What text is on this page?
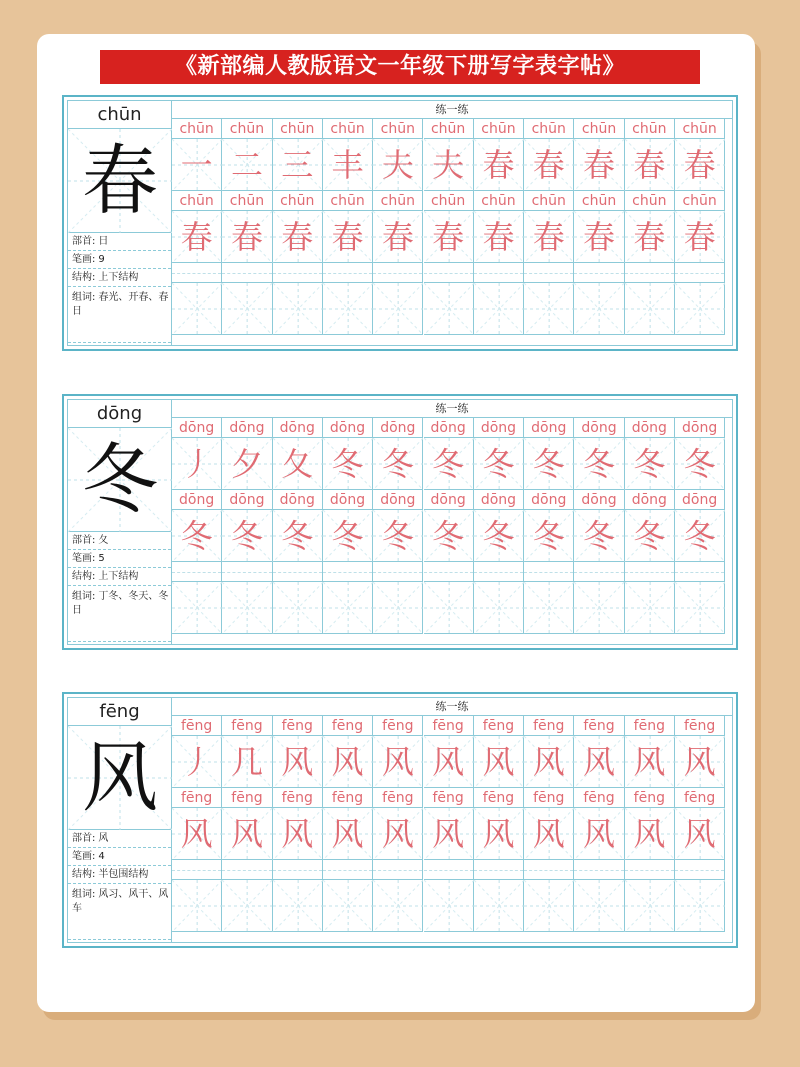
《新部编人教版语文一年级下册写字表字帖》
chūn
春
部首: 日
笔画: 9
结构: 上下结构
组词: 春光、开春、春日
练一练
chūn	chūn	chūn	chūn	chūn	chūn	chūn	chūn	chūn	chūn	chūn
一 二 三 丰 夫 夫 春 春 春 春 春
chūn	chūn	chūn	chūn	chūn	chūn	chūn	chūn	chūn	chūn	chūn
春 春 春 春 春 春 春 春 春 春 春
dōng
冬
部首: 夂
笔画: 5
结构: 上下结构
组词: 丁冬、冬天、冬日
练一练
dōng	dōng	dōng	dōng	dōng	dōng	dōng	dōng	dōng	dōng	dōng
丿 夕 夂 冬 冬 冬 冬 冬 冬 冬 冬
dōng	dōng	dōng	dōng	dōng	dōng	dōng	dōng	dōng	dōng	dōng
冬 冬 冬 冬 冬 冬 冬 冬 冬 冬 冬
fēng
风
部首: 风
笔画: 4
结构: 半包围结构
组词: 风习、风干、风车
练一练
fēng	fēng	fēng	fēng	fēng	fēng	fēng	fēng	fēng	fēng	fēng
丿 几 风 风 风 风 风 风 风 风 风
fēng	fēng	fēng	fēng	fēng	fēng	fēng	fēng	fēng	fēng	fēng
风 风 风 风 风 风 风 风 风 风 风
